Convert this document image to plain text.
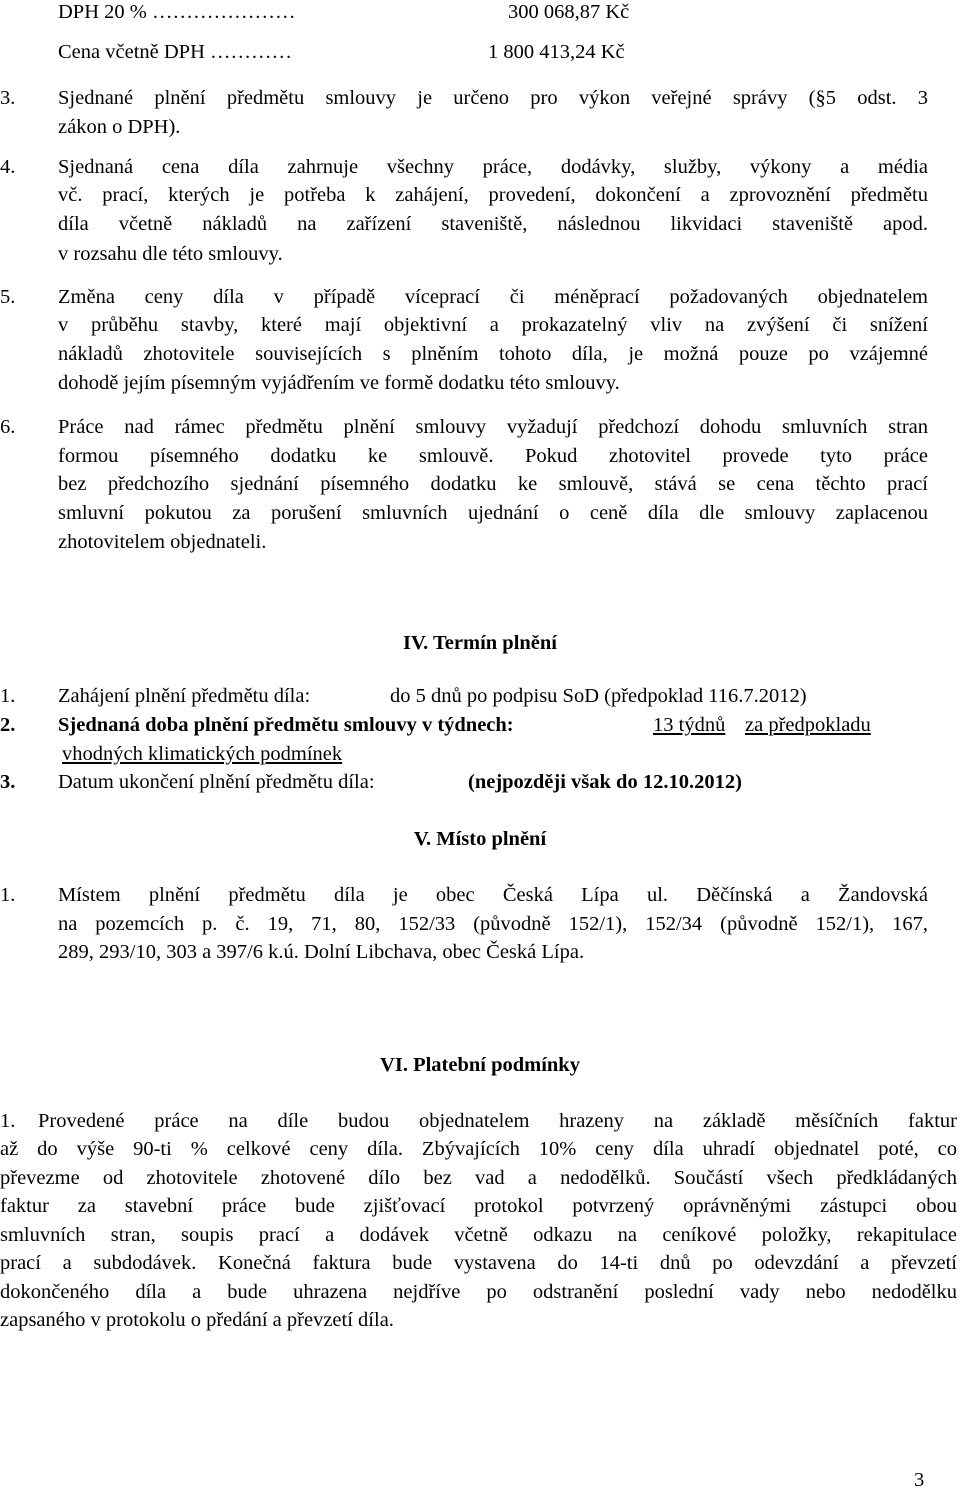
DPH 20 % …………………	300 068,87 Kč
Cena včetně DPH …………	1 800 413,24 Kč
3. Sjednané plnění předmětu smlouvy je určeno pro výkon veřejné správy (§5 odst. 3
zákon o DPH).
4. Sjednaná cena díla zahrnuje všechny práce, dodávky, služby, výkony a média
vč. prací, kterých je potřeba k zahájení, provedení, dokončení a zprovoznění předmětu
díla včetně nákladů na zařízení staveniště, následnou likvidaci staveniště apod.
v rozsahu dle této smlouvy.
5. Změna ceny díla v případě víceprací či méněprací požadovaných objednatelem
v průběhu stavby, které mají objektivní a prokazatelný vliv na zvýšení či snížení
nákladů zhotovitele souvisejících s plněním tohoto díla, je možná pouze po vzájemné
dohodě jejím písemným vyjádřením ve formě dodatku této smlouvy.
6. Práce nad rámec předmětu plnění smlouvy vyžadují předchozí dohodu smluvních stran
formou písemného dodatku ke smlouvě. Pokud zhotovitel provede tyto práce
bez předchozího sjednání písemného dodatku ke smlouvě, stává se cena těchto prací
smluvní pokutou za porušení smluvních ujednání o ceně díla dle smlouvy zaplacenou
zhotovitelem objednateli.
IV. Termín plnění
1. Zahájení plnění předmětu díla:	do 5 dnů po podpisu SoD (předpoklad 116.7.2012)
2. Sjednaná doba plnění předmětu smlouvy v týdnech:	13 týdnů za předpokladu
vhodných klimatických podmínek
3. Datum ukončení plnění předmětu díla:	(nejpozději však do 12.10.2012)
V. Místo plnění
1. Místem plnění předmětu díla je obec Česká Lípa ul. Děčínská a Žandovská
na pozemcích p. č. 19, 71, 80, 152/33 (původně 152/1), 152/34 (původně 152/1), 167,
289, 293/10, 303 a 397/6 k.ú. Dolní Libchava, obec Česká Lípa.
VI. Platební podmínky
1. Provedené práce na díle budou objednatelem hrazeny na základě měsíčních faktur
až do výše 90-ti % celkové ceny díla. Zbývajících 10% ceny díla uhradí objednatel poté, co
převezme od zhotovitele zhotovené dílo bez vad a nedodělků. Součástí všech předkládaných
faktur za stavební práce bude zjišťovací protokol potvrzený oprávněnými zástupci obou
smluvních stran, soupis prací a dodávek včetně odkazu na ceníkové položky, rekapitulace
prací a subdodávek. Konečná faktura bude vystavena do 14-ti dnů po odevzdání a převzetí
dokončeného díla a bude uhrazena nejdříve po odstranění poslední vady nebo nedodělku
zapsaného v protokolu o předání a převzetí díla.
3
